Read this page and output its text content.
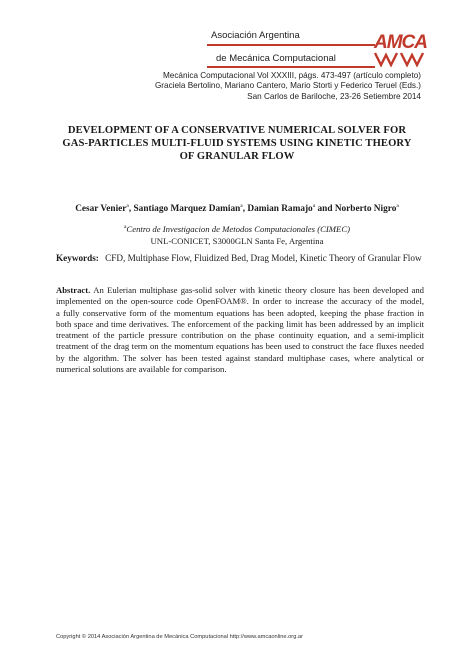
Asociación Argentina
de Mecánica Computacional
AMCA
Mecánica Computacional Vol XXXIII, págs. 473-497 (artículo completo)
Graciela Bertolino, Mariano Cantero, Mario Storti y Federico Teruel (Eds.)
San Carlos de Bariloche, 23-26 Setiembre 2014
DEVELOPMENT OF A CONSERVATIVE NUMERICAL SOLVER FOR
GAS-PARTICLES MULTI-FLUID SYSTEMS USING KINETIC THEORY
OF GRANULAR FLOW
Cesar Venier$^a$, Santiago Marquez Damian$^a$, Damian Ramajo$^a$ and Norberto Nigro$^a$
$^a$Centro de Investigacion de Metodos Computacionales (CIMEC)
UNL-CONICET, S3000GLN Santa Fe, Argentina
Keywords: CFD, Multiphase Flow, Fluidized Bed, Drag Model, Kinetic Theory of Granular Flow
Abstract. An Eulerian multiphase gas-solid solver with kinetic theory closure has been developed and
implemented on the open-source code OpenFOAM®. In order to increase the accuracy of the model,
a fully conservative form of the momentum equations has been adopted, keeping the phase fraction in
both space and time derivatives. The enforcement of the packing limit has been addressed by an implicit
treatment of the particle pressure contribution on the phase continuity equation, and a semi-implicit
treatment of the drag term on the momentum equations has been used to construct the face fluxes needed
by the algorithm. The solver has been tested against standard multiphase cases, where analytical or
numerical solutions are available for comparison.
Copyright © 2014 Asociación Argentina de Mecánica Computacional http://www.amcaonline.org.ar
